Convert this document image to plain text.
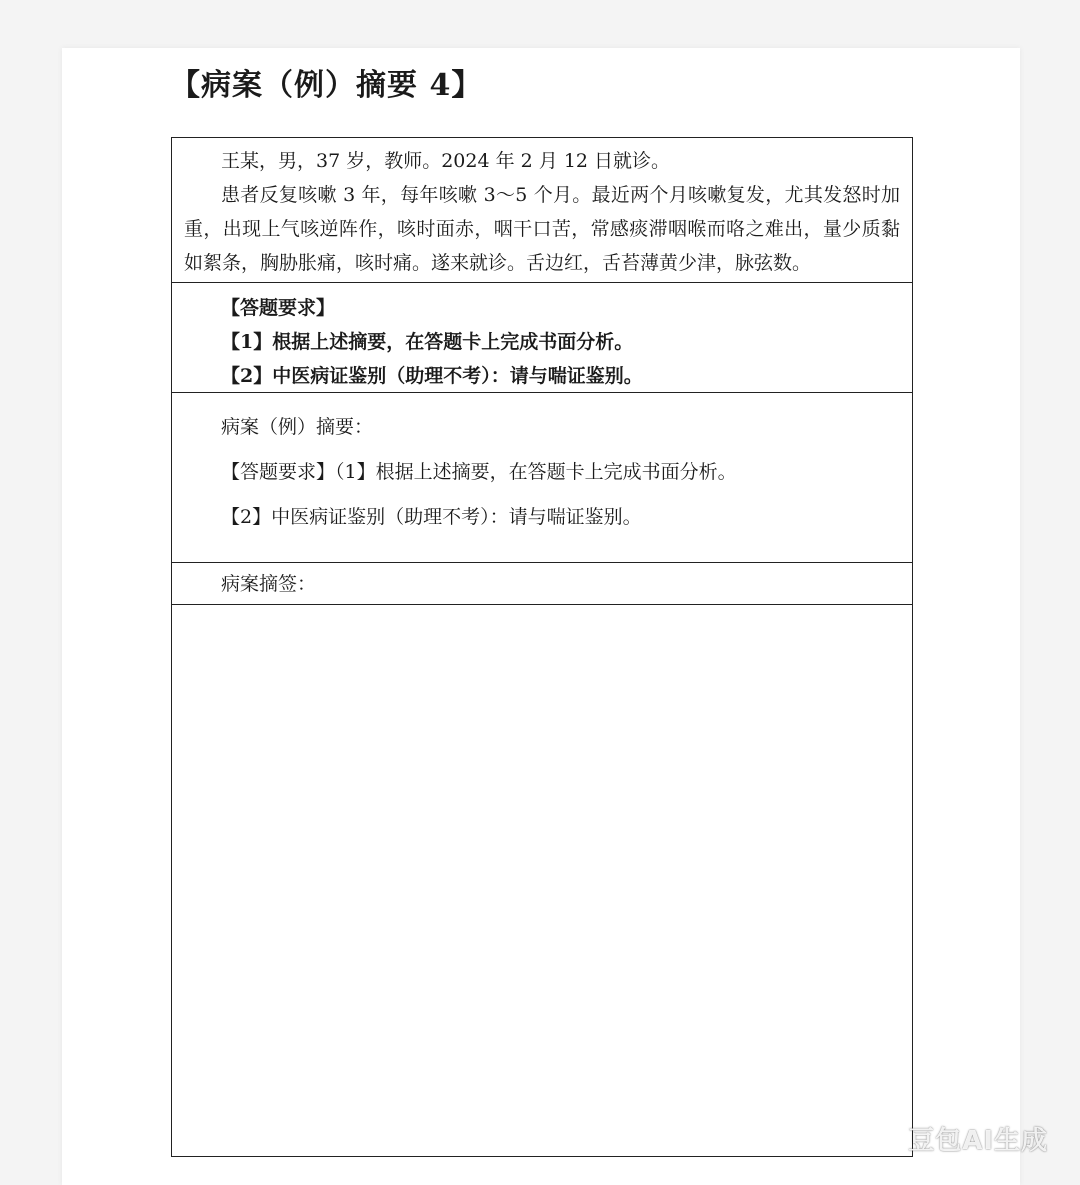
【病案（例）摘要 4】

王某，男，37 岁，教师。2024 年 2 月 12 日就诊。

患者反复咳嗽 3 年，每年咳嗽 3～5 个月。最近两个月咳嗽复发，尤其发怒时加重，出现上气咳逆阵作，咳时面赤，咽干口苦，常感痰滞咽喉而咯之难出，量少质黏如絮条，胸胁胀痛，咳时痛。遂来就诊。舌边红，舌苔薄黄少津，脉弦数。

【答题要求】

【1】根据上述摘要，在答题卡上完成书面分析。

【2】中医病证鉴别（助理不考）：请与喘证鉴别。

病案（例）摘要：

【答题要求】（1】根据上述摘要，在答题卡上完成书面分析。

【2】中医病证鉴别（助理不考）：请与喘证鉴别。

病案摘签：

豆包AI生成
